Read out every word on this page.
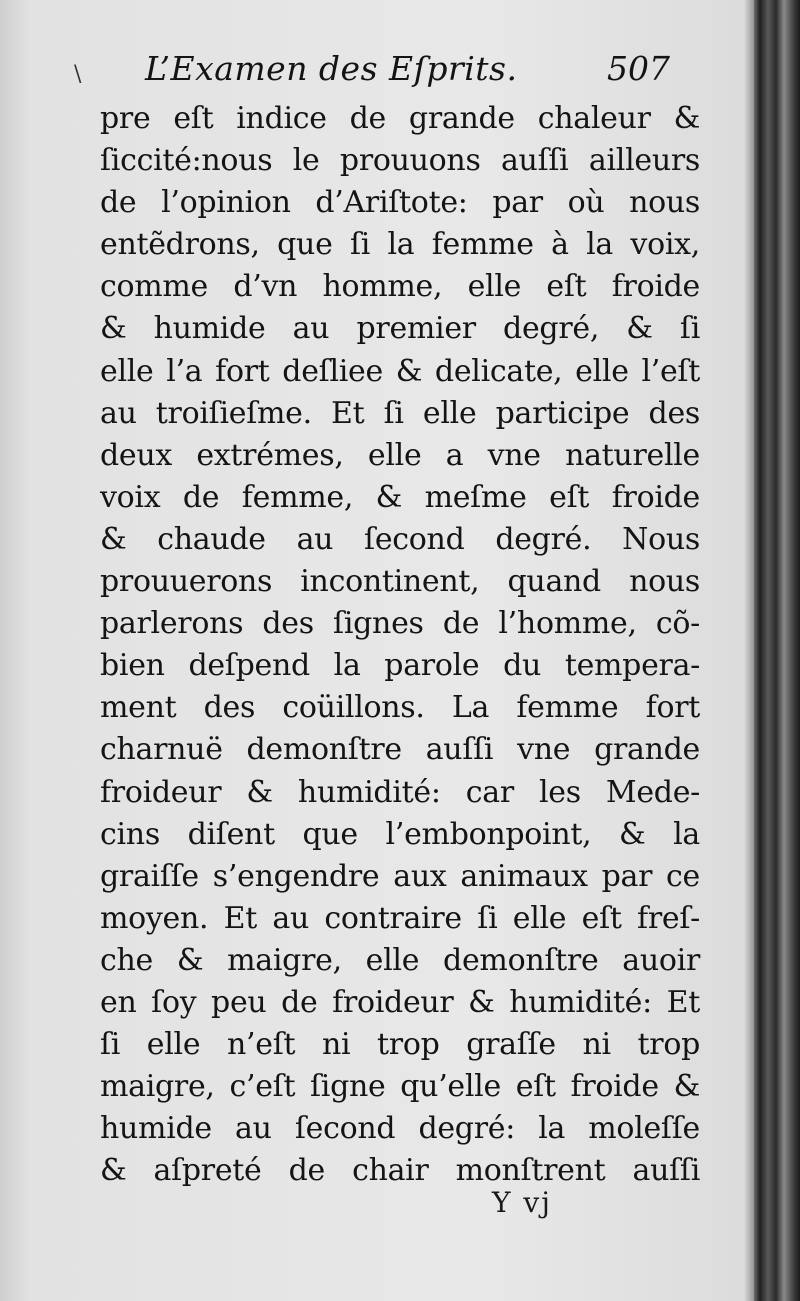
L’Examen des Eſprits.	507
pre eſt indice de grande chaleur &
ſiccité:nous le prouuons auſſi ailleurs
de l’opinion d’Ariſtote: par où nous
entẽdrons, que ſi la femme à la voix,
comme d’vn homme, elle eſt froide
& humide au premier degré, & ſi
elle l’a fort deſliee & delicate, elle l’eſt
au troiſieſme. Et ſi elle participe des
deux extrémes, elle a vne naturelle
voix de femme, & meſme eſt froide
& chaude au ſecond degré. Nous
prouuerons incontinent, quand nous
parlerons des ſignes de l’homme, cõ-
bien deſpend la parole du tempera-
ment des coüillons. La femme fort
charnuë demonſtre auſſi vne grande
froideur & humidité: car les Mede-
cins diſent que l’embonpoint, & la
graiſſe s’engendre aux animaux par ce
moyen. Et au contraire ſi elle eſt freſ-
che & maigre, elle demonſtre auoir
en ſoy peu de froideur & humidité: Et
ſi elle n’eſt ni trop graſſe ni trop
maigre, c’eſt ſigne qu’elle eſt froide &
humide au ſecond degré: la moleſſe
& aſpreté de chair monſtrent auſſi
Y vj
\
